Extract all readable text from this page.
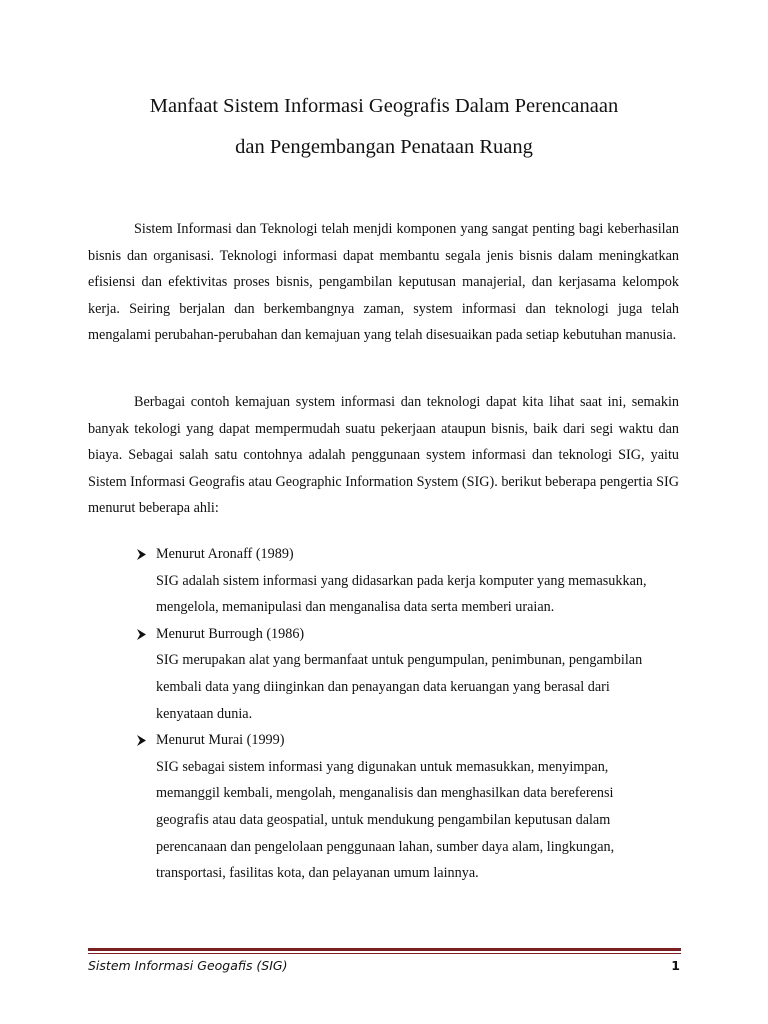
Manfaat Sistem Informasi Geografis Dalam Perencanaan
dan Pengembangan Penataan Ruang

Sistem Informasi dan Teknologi telah menjdi komponen yang sangat penting bagi keberhasilan bisnis dan organisasi. Teknologi informasi dapat membantu segala jenis bisnis dalam meningkatkan efisiensi dan efektivitas proses bisnis, pengambilan keputusan manajerial, dan kerjasama kelompok kerja. Seiring berjalan dan berkembangnya zaman, system informasi dan teknologi juga telah mengalami perubahan-perubahan dan kemajuan yang telah disesuaikan pada setiap kebutuhan manusia.

Berbagai contoh kemajuan system informasi dan teknologi dapat kita lihat saat ini, semakin banyak tekologi yang dapat mempermudah suatu pekerjaan ataupun bisnis, baik dari segi waktu dan biaya. Sebagai salah satu contohnya adalah penggunaan system informasi dan teknologi SIG, yaitu Sistem Informasi Geografis atau Geographic Information System (SIG). berikut beberapa pengertia SIG menurut beberapa ahli:

Menurut Aronaff (1989)
SIG adalah sistem informasi yang didasarkan pada kerja komputer yang memasukkan,
mengelola, memanipulasi dan menganalisa data serta memberi uraian.
Menurut Burrough (1986)
SIG merupakan alat yang bermanfaat untuk pengumpulan, penimbunan, pengambilan
kembali data yang diinginkan dan penayangan data keruangan yang berasal dari
kenyataan dunia.
Menurut Murai (1999)
SIG sebagai sistem informasi yang digunakan untuk memasukkan, menyimpan,
memanggil kembali, mengolah, menganalisis dan menghasilkan data bereferensi
geografis atau data geospatial, untuk mendukung pengambilan keputusan dalam
perencanaan dan pengelolaan penggunaan lahan, sumber daya alam, lingkungan,
transportasi, fasilitas kota, dan pelayanan umum lainnya.
Sistem Informasi Geogafis (SIG)	1
